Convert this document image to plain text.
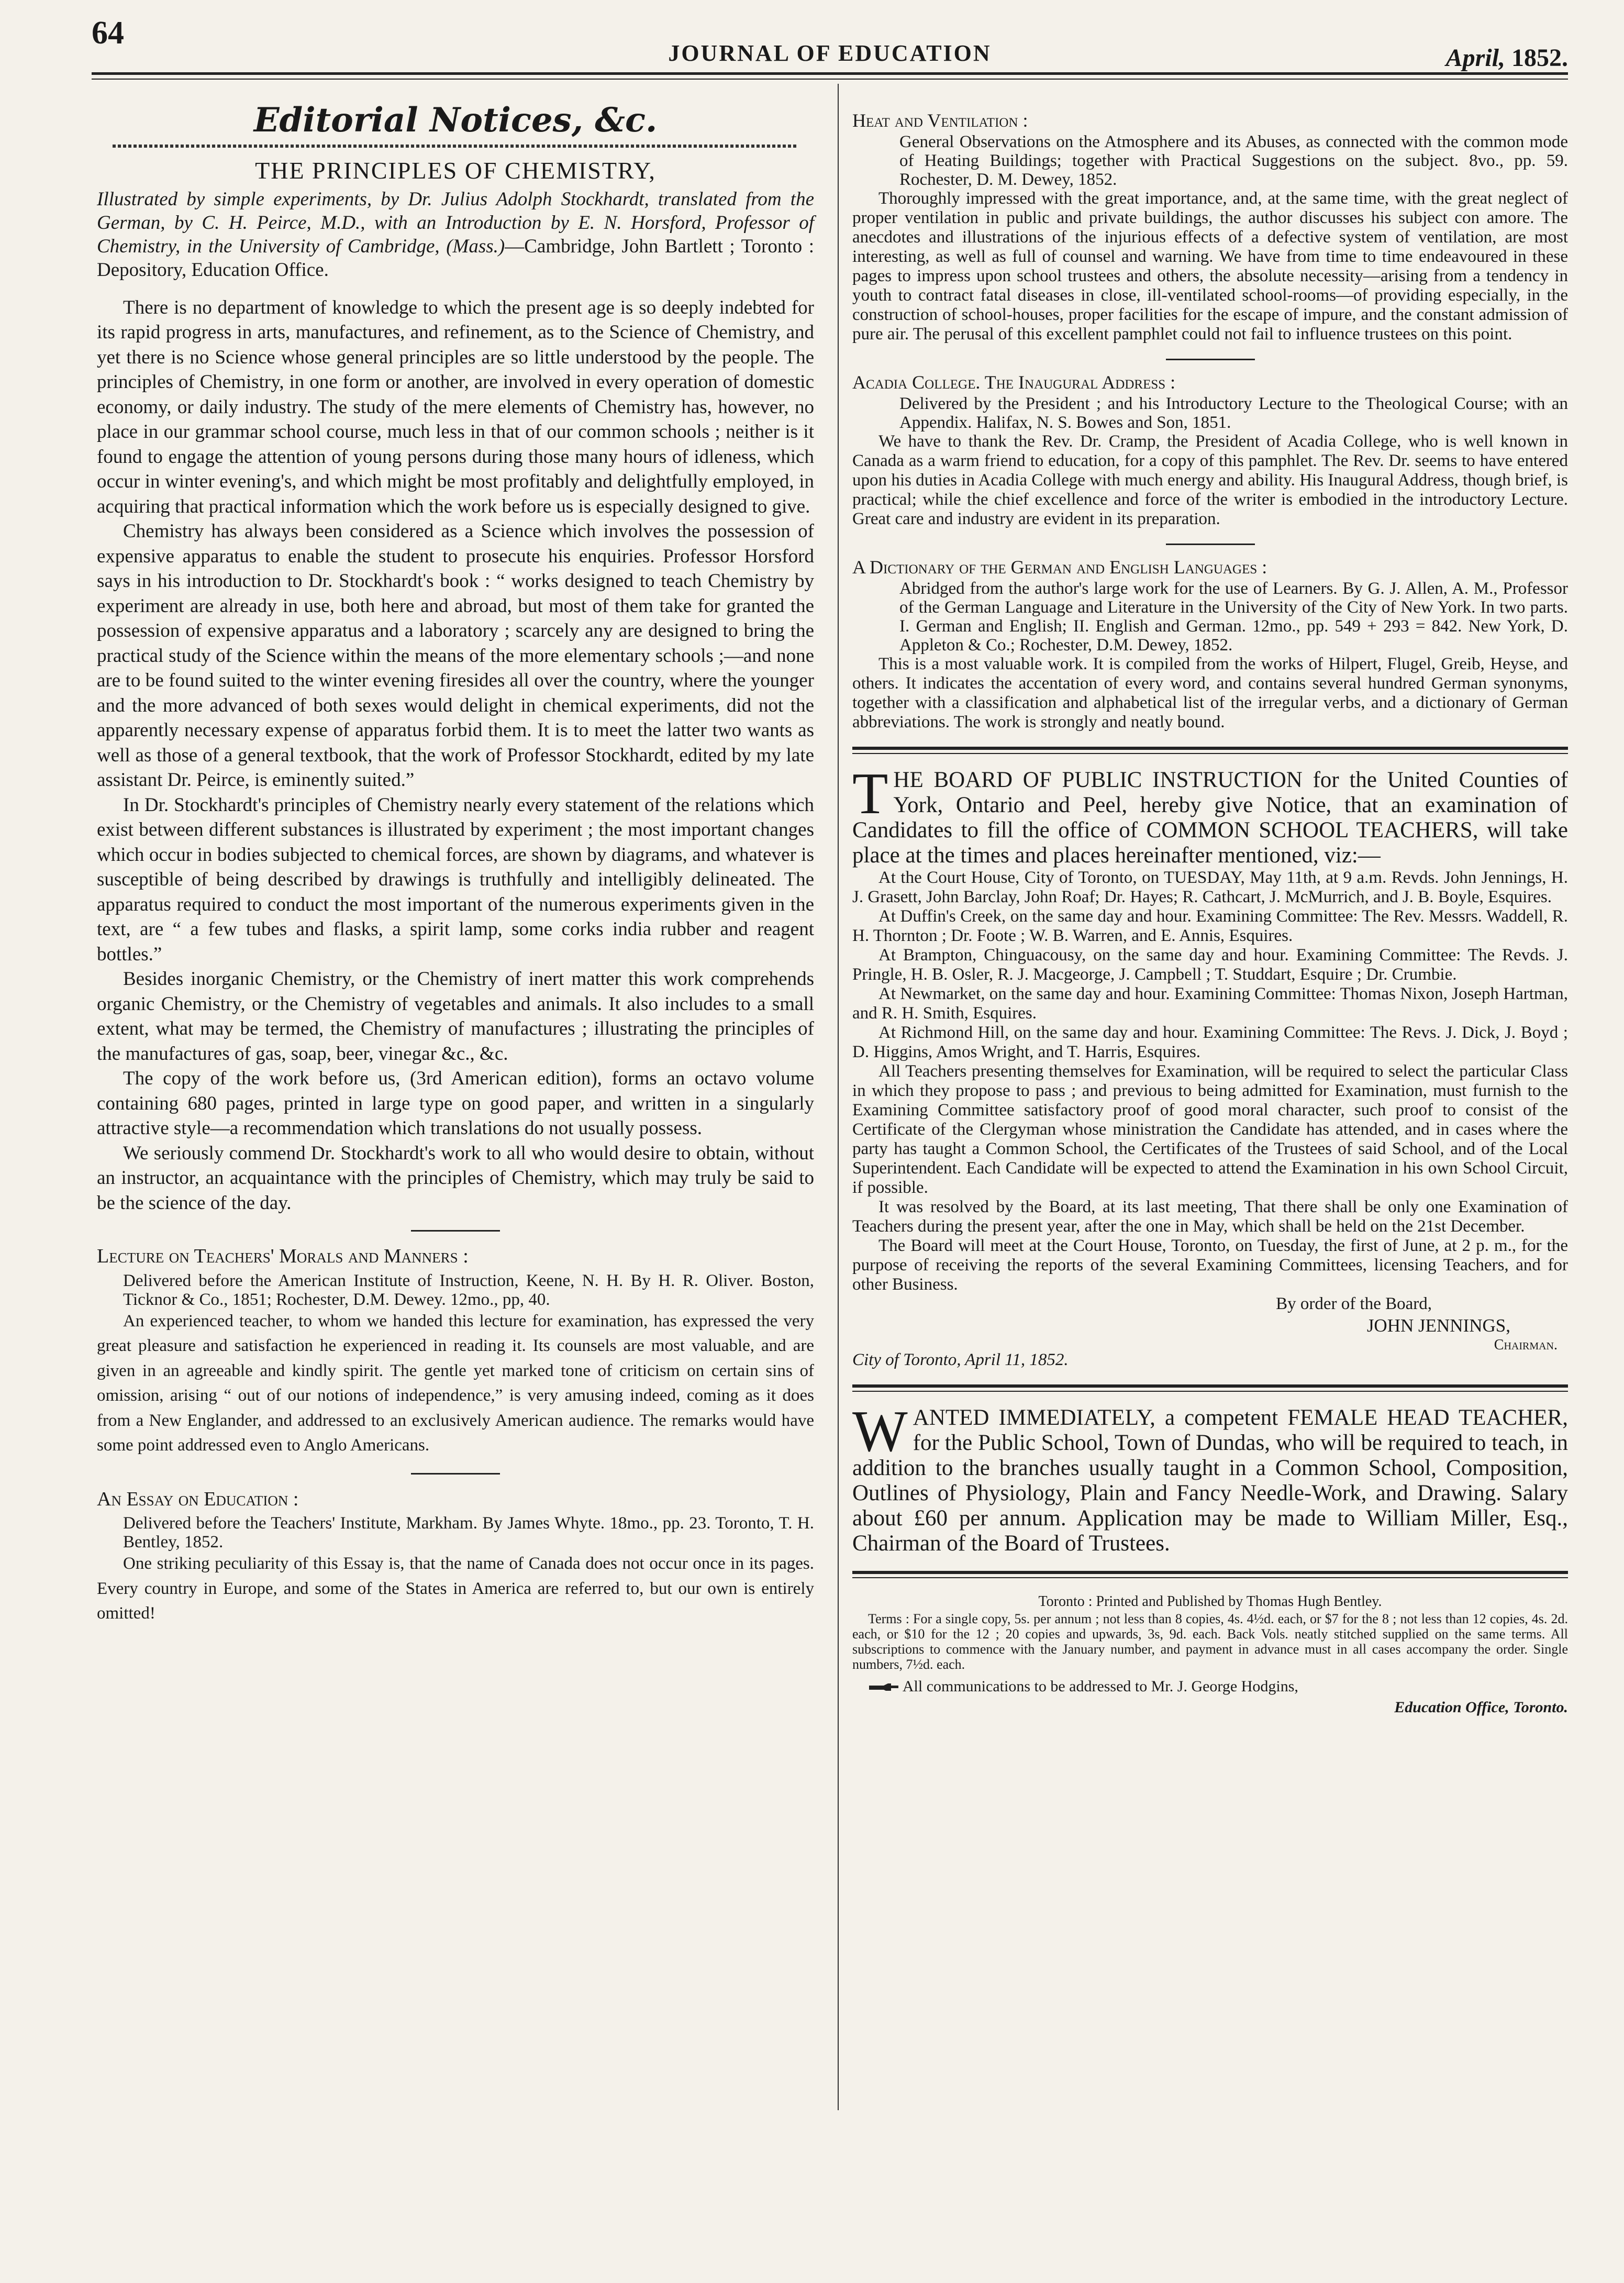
64
JOURNAL OF EDUCATION	April, 1852.
Editorial Notices, &c.
THE PRINCIPLES OF CHEMISTRY,
Illustrated by simple experiments, by Dr. Julius Adolph Stockhardt, translated from the German, by C. H. Peirce, M.D., with an Introduction by E. N. Horsford, Professor of Chemistry, in the University of Cambridge, (Mass.)—Cambridge, John Bartlett ; Toronto : Depository, Education Office.

There is no department of knowledge to which the present age is so deeply indebted for its rapid progress in arts, manufactures, and refinement, as to the Science of Chemistry, and yet there is no Science whose general principles are so little understood by the people. The principles of Chemistry, in one form or another, are involved in every operation of domestic economy, or daily industry. The study of the mere elements of Chemistry has, however, no place in our grammar school course, much less in that of our common schools ; neither is it found to engage the attention of young persons during those many hours of idleness, which occur in winter evening's, and which might be most profitably and delightfully employed, in acquiring that practical information which the work before us is especially designed to give.

Chemistry has always been considered as a Science which involves the possession of expensive apparatus to enable the student to prosecute his enquiries. Professor Horsford says in his introduction to Dr. Stockhardt's book : “ works designed to teach Chemistry by experiment are already in use, both here and abroad, but most of them take for granted the possession of expensive apparatus and a laboratory ; scarcely any are designed to bring the practical study of the Science within the means of the more elementary schools ;—and none are to be found suited to the winter evening firesides all over the country, where the younger and the more advanced of both sexes would delight in chemical experiments, did not the apparently necessary expense of apparatus forbid them. It is to meet the latter two wants as well as those of a general textbook, that the work of Professor Stockhardt, edited by my late assistant Dr. Peirce, is eminently suited.”

In Dr. Stockhardt's principles of Chemistry nearly every statement of the relations which exist between different substances is illustrated by experiment ; the most important changes which occur in bodies subjected to chemical forces, are shown by diagrams, and whatever is susceptible of being described by drawings is truthfully and intelligibly delineated. The apparatus required to conduct the most important of the numerous experiments given in the text, are “ a few tubes and flasks, a spirit lamp, some corks india rubber and reagent bottles.”

Besides inorganic Chemistry, or the Chemistry of inert matter this work comprehends organic Chemistry, or the Chemistry of vegetables and animals. It also includes to a small extent, what may be termed, the Chemistry of manufactures ; illustrating the principles of the manufactures of gas, soap, beer, vinegar &c., &c.

The copy of the work before us, (3rd American edition), forms an octavo volume containing 680 pages, printed in large type on good paper, and written in a singularly attractive style—a recommendation which translations do not usually possess.

We seriously commend Dr. Stockhardt's work to all who would desire to obtain, without an instructor, an acquaintance with the principles of Chemistry, which may truly be said to be the science of the day.

Lecture on Teachers' Morals and Manners :
Delivered before the American Institute of Instruction, Keene, N. H. By H. R. Oliver. Boston, Ticknor & Co., 1851; Rochester, D.M. Dewey. 12mo., pp, 40.

An experienced teacher, to whom we handed this lecture for examination, has expressed the very great pleasure and satisfaction he experienced in reading it. Its counsels are most valuable, and are given in an agreeable and kindly spirit. The gentle yet marked tone of criticism on certain sins of omission, arising “ out of our notions of independence,” is very amusing indeed, coming as it does from a New Englander, and addressed to an exclusively American audience. The remarks would have some point addressed even to Anglo Americans.

An Essay on Education :
Delivered before the Teachers' Institute, Markham. By James Whyte. 18mo., pp. 23. Toronto, T. H. Bentley, 1852.

One striking peculiarity of this Essay is, that the name of Canada does not occur once in its pages. Every country in Europe, and some of the States in America are referred to, but our own is entirely omitted!

Heat and Ventilation :
General Observations on the Atmosphere and its Abuses, as connected with the common mode of Heating Buildings; together with Practical Suggestions on the subject. 8vo., pp. 59. Rochester, D. M. Dewey, 1852.

Thoroughly impressed with the great importance, and, at the same time, with the great neglect of proper ventilation in public and private buildings, the author discusses his subject con amore. The anecdotes and illustrations of the injurious effects of a defective system of ventilation, are most interesting, as well as full of counsel and warning. We have from time to time endeavoured in these pages to impress upon school trustees and others, the absolute necessity—arising from a tendency in youth to contract fatal diseases in close, ill-ventilated school-rooms—of providing especially, in the construction of school-houses, proper facilities for the escape of impure, and the constant admission of pure air. The perusal of this excellent pamphlet could not fail to influence trustees on this point.

Acadia College. The Inaugural Address :
Delivered by the President ; and his Introductory Lecture to the Theological Course; with an Appendix. Halifax, N. S. Bowes and Son, 1851.

We have to thank the Rev. Dr. Cramp, the President of Acadia College, who is well known in Canada as a warm friend to education, for a copy of this pamphlet. The Rev. Dr. seems to have entered upon his duties in Acadia College with much energy and ability. His Inaugural Address, though brief, is practical; while the chief excellence and force of the writer is embodied in the introductory Lecture. Great care and industry are evident in its preparation.

A Dictionary of the German and English Languages :
Abridged from the author's large work for the use of Learners. By G. J. Allen, A. M., Professor of the German Language and Literature in the University of the City of New York. In two parts. I. German and English; II. English and German. 12mo., pp. 549 + 293 = 842. New York, D. Appleton & Co.; Rochester, D.M. Dewey, 1852.

This is a most valuable work. It is compiled from the works of Hilpert, Flugel, Greib, Heyse, and others. It indicates the accentation of every word, and contains several hundred German synonyms, together with a classification and alphabetical list of the irregular verbs, and a dictionary of German abbreviations. The work is strongly and neatly bound.

THE BOARD OF PUBLIC INSTRUCTION for the United Counties of York, Ontario and Peel, hereby give Notice, that an examination of Candidates to fill the office of COMMON SCHOOL TEACHERS, will take place at the times and places hereinafter mentioned, viz:—

At the Court House, City of Toronto, on TUESDAY, May 11th, at 9 a.m. Revds. John Jennings, H. J. Grasett, John Barclay, John Roaf; Dr. Hayes; R. Cathcart, J. McMurrich, and J. B. Boyle, Esquires.

At Duffin's Creek, on the same day and hour. Examining Committee: The Rev. Messrs. Waddell, R. H. Thornton ; Dr. Foote ; W. B. Warren, and E. Annis, Esquires.

At Brampton, Chinguacousy, on the same day and hour. Examining Committee: The Revds. J. Pringle, H. B. Osler, R. J. Macgeorge, J. Campbell ; T. Studdart, Esquire ; Dr. Crumbie.

At Newmarket, on the same day and hour. Examining Committee: Thomas Nixon, Joseph Hartman, and R. H. Smith, Esquires.

At Richmond Hill, on the same day and hour. Examining Committee: The Revs. J. Dick, J. Boyd ; D. Higgins, Amos Wright, and T. Harris, Esquires.

All Teachers presenting themselves for Examination, will be required to select the particular Class in which they propose to pass ; and previous to being admitted for Examination, must furnish to the Examining Committee satisfactory proof of good moral character, such proof to consist of the Certificate of the Clergyman whose ministration the Candidate has attended, and in cases where the party has taught a Common School, the Certificates of the Trustees of said School, and of the Local Superintendent. Each Candidate will be expected to attend the Examination in his own School Circuit, if possible.

It was resolved by the Board, at its last meeting, That there shall be only one Examination of Teachers during the present year, after the one in May, which shall be held on the 21st December.

The Board will meet at the Court House, Toronto, on Tuesday, the first of June, at 2 p. m., for the purpose of receiving the reports of the several Examining Committees, licensing Teachers, and for other Business.

By order of the Board,
JOHN JENNINGS,
Chairman.
City of Toronto, April 11, 1852.
WANTED IMMEDIATELY, a competent FEMALE HEAD TEACHER, for the Public School, Town of Dundas, who will be required to teach, in addition to the branches usually taught in a Common School, Composition, Outlines of Physiology, Plain and Fancy Needle-Work, and Drawing. Salary about £60 per annum. Application may be made to William Miller, Esq., Chairman of the Board of Trustees.
Toronto : Printed and Published by Thomas Hugh Bentley.

Terms : For a single copy, 5s. per annum ; not less than 8 copies, 4s. 4½d. each, or $7 for the 8 ; not less than 12 copies, 4s. 2d. each, or $10 for the 12 ; 20 copies and upwards, 3s, 9d. each. Back Vols. neatly stitched supplied on the same terms. All subscriptions to commence with the January number, and payment in advance must in all cases accompany the order. Single numbers, 7½d. each.

All communications to be addressed to Mr. J. George Hodgins,

Education Office, Toronto.
